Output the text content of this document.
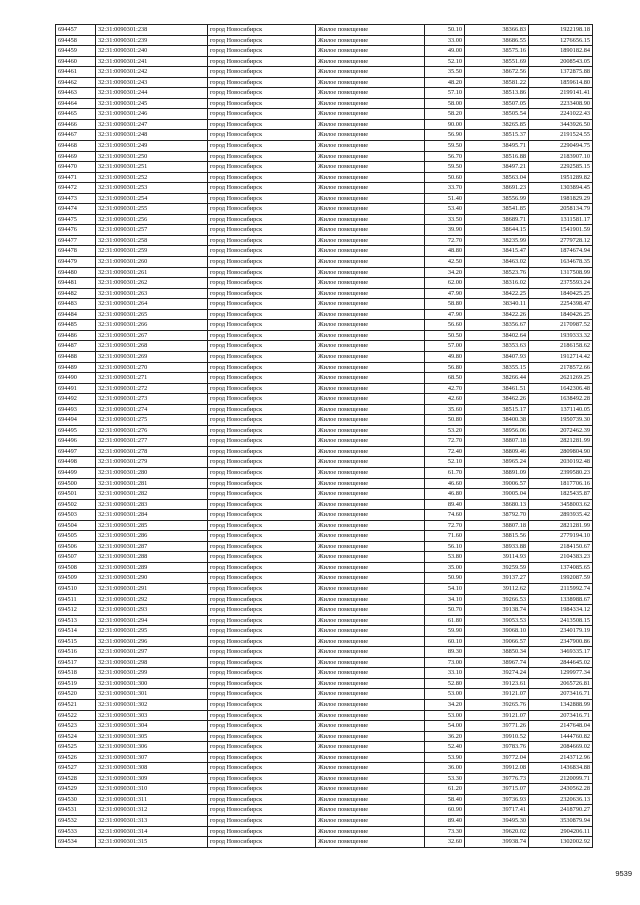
694457	32:31:0090301:238	город Новосибирск	Жилое помещение	50.10	38366.83	1922198.18
694458	32:31:0090301:239	город Новосибирск	Жилое помещение	33.00	38686.55	1276656.15
694459	32:31:0090301:240	город Новосибирск	Жилое помещение	49.00	38575.16	1890182.84
694460	32:31:0090301:241	город Новосибирск	Жилое помещение	52.10	38551.69	2008543.05
694461	32:31:0090301:242	город Новосибирск	Жилое помещение	35.50	38672.56	1372875.88
694462	32:31:0090301:243	город Новосибирск	Жилое помещение	48.20	38581.22	1859614.80
694463	32:31:0090301:244	город Новосибирск	Жилое помещение	57.10	38513.86	2199141.41
694464	32:31:0090301:245	город Новосибирск	Жилое помещение	58.00	38507.05	2233408.90
694465	32:31:0090301:246	город Новосибирск	Жилое помещение	58.20	38505.54	2241022.43
694466	32:31:0090301:247	город Новосибирск	Жилое помещение	90.00	38265.85	3443926.50
694467	32:31:0090301:248	город Новосибирск	Жилое помещение	56.90	38515.37	2191524.55
694468	32:31:0090301:249	город Новосибирск	Жилое помещение	59.50	38495.71	2290494.75
694469	32:31:0090301:250	город Новосибирск	Жилое помещение	56.70	38516.88	2183907.10
694470	32:31:0090301:251	город Новосибирск	Жилое помещение	59.50	38497.21	2292585.15
694471	32:31:0090301:252	город Новосибирск	Жилое помещение	50.60	38563.04	1951289.82
694472	32:31:0090301:253	город Новосибирск	Жилое помещение	33.70	38691.23	1303894.45
694473	32:31:0090301:254	город Новосибирск	Жилое помещение	51.40	38556.99	1981829.29
694474	32:31:0090301:255	город Новосибирск	Жилое помещение	53.40	38541.85	2058134.79
694475	32:31:0090301:256	город Новосибирск	Жилое помещение	33.50	38689.71	1311581.17
694476	32:31:0090301:257	город Новосибирск	Жилое помещение	39.90	38644.15	1541901.59
694477	32:31:0090301:258	город Новосибирск	Жилое помещение	72.70	38235.99	2779728.12
694478	32:31:0090301:259	город Новосибирск	Жилое помещение	48.80	38415.47	1874674.94
694479	32:31:0090301:260	город Новосибирск	Жилое помещение	42.50	38463.02	1634678.35
694480	32:31:0090301:261	город Новосибирск	Жилое помещение	34.20	38523.76	1317508.99
694481	32:31:0090301:262	город Новосибирск	Жилое помещение	62.00	38316.02	2375593.24
694482	32:31:0090301:263	город Новосибирск	Жилое помещение	47.90	38422.25	1840425.25
694483	32:31:0090301:264	город Новосибирск	Жилое помещение	58.80	38340.11	2254398.47
694484	32:31:0090301:265	город Новосибирск	Жилое помещение	47.90	38422.26	1840426.25
694485	32:31:0090301:266	город Новосибирск	Жилое помещение	56.60	38356.67	2170987.52
694486	32:31:0090301:267	город Новосибирск	Жилое помещение	50.50	38402.64	1939333.32
694487	32:31:0090301:268	город Новосибирск	Жилое помещение	57.00	38353.63	2186158.62
694488	32:31:0090301:269	город Новосибирск	Жилое помещение	49.80	38407.93	1912714.42
694489	32:31:0090301:270	город Новосибирск	Жилое помещение	56.80	38355.15	2178572.66
694490	32:31:0090301:271	город Новосибирск	Жилое помещение	68.50	38266.44	2621269.25
694491	32:31:0090301:272	город Новосибирск	Жилое помещение	42.70	38461.51	1642306.48
694492	32:31:0090301:273	город Новосибирск	Жилое помещение	42.60	38462.26	1638492.28
694493	32:31:0090301:274	город Новосибирск	Жилое помещение	35.60	38515.17	1371140.05
694494	32:31:0090301:275	город Новосибирск	Жилое помещение	50.80	38400.38	1950739.30
694495	32:31:0090301:276	город Новосибирск	Жилое помещение	53.20	38956.06	2072462.39
694496	32:31:0090301:277	город Новосибирск	Жилое помещение	72.70	38807.18	2821281.99
694497	32:31:0090301:278	город Новосибирск	Жилое помещение	72.40	38809.46	2809804.90
694498	32:31:0090301:279	город Новосибирск	Жилое помещение	52.10	38965.24	2030192.48
694499	32:31:0090301:280	город Новосибирск	Жилое помещение	61.70	38891.09	2399580.23
694500	32:31:0090301:281	город Новосибирск	Жилое помещение	46.60	39006.57	1817706.16
694501	32:31:0090301:282	город Новосибирск	Жилое помещение	46.80	39005.04	1825435.87
694502	32:31:0090301:283	город Новосибирск	Жилое помещение	89.40	38680.13	3458003.62
694503	32:31:0090301:284	город Новосибирск	Жилое помещение	74.60	38792.70	2893935.42
694504	32:31:0090301:285	город Новосибирск	Жилое помещение	72.70	38807.18	2821281.99
694505	32:31:0090301:286	город Новосибирск	Жилое помещение	71.60	38815.56	2779194.10
694506	32:31:0090301:287	город Новосибирск	Жилое помещение	56.10	38933.88	2184150.67
694507	32:31:0090301:288	город Новосибирск	Жилое помещение	53.80	39114.93	2104383.23
694508	32:31:0090301:289	город Новосибирск	Жилое помещение	35.00	39259.59	1374085.65
694509	32:31:0090301:290	город Новосибирск	Жилое помещение	50.90	39137.27	1992087.59
694510	32:31:0090301:291	город Новосибирск	Жилое помещение	54.10	39112.62	2115992.74
694511	32:31:0090301:292	город Новосибирск	Жилое помещение	34.10	39266.53	1338988.67
694512	32:31:0090301:293	город Новосибирск	Жилое помещение	50.70	39138.74	1984334.12
694513	32:31:0090301:294	город Новосибирск	Жилое помещение	61.80	39053.53	2413508.15
694514	32:31:0090301:295	город Новосибирск	Жилое помещение	59.90	39068.10	2340179.19
694515	32:31:0090301:296	город Новосибирск	Жилое помещение	60.10	39066.57	2347900.86
694516	32:31:0090301:297	город Новосибирск	Жилое помещение	89.30	38850.34	3469335.17
694517	32:31:0090301:298	город Новосибирск	Жилое помещение	73.00	38967.74	2844645.02
694518	32:31:0090301:299	город Новосибирск	Жилое помещение	33.10	39274.24	1299977.34
694519	32:31:0090301:300	город Новосибирск	Жилое помещение	52.80	39123.61	2065726.81
694520	32:31:0090301:301	город Новосибирск	Жилое помещение	53.00	39121.07	2073416.71
694521	32:31:0090301:302	город Новосибирск	Жилое помещение	34.20	39265.76	1342888.99
694522	32:31:0090301:303	город Новосибирск	Жилое помещение	53.00	39121.07	2073416.71
694523	32:31:0090301:304	город Новосибирск	Жилое помещение	54.00	39771.26	2147648.04
694524	32:31:0090301:305	город Новосибирск	Жилое помещение	36.20	39910.52	1444760.82
694525	32:31:0090301:306	город Новосибирск	Жилое помещение	52.40	39783.76	2084669.02
694526	32:31:0090301:307	город Новосибирск	Жилое помещение	53.90	39772.04	2143712.96
694527	32:31:0090301:308	город Новосибирск	Жилое помещение	36.00	39912.08	1436834.88
694528	32:31:0090301:309	город Новосибирск	Жилое помещение	53.30	39776.73	2120099.71
694529	32:31:0090301:310	город Новосибирск	Жилое помещение	61.20	39715.07	2430562.28
694530	32:31:0090301:311	город Новосибирск	Жилое помещение	58.40	39736.93	2320636.13
694531	32:31:0090301:312	город Новосибирск	Жилое помещение	60.90	39717.41	2418790.27
694532	32:31:0090301:313	город Новосибирск	Жилое помещение	89.40	39495.30	3530879.94
694533	32:31:0090301:314	город Новосибирск	Жилое помещение	73.30	39620.02	2904206.11
694534	32:31:0090301:315	город Новосибирск	Жилое помещение	32.60	39938.74	1302002.92
9539
